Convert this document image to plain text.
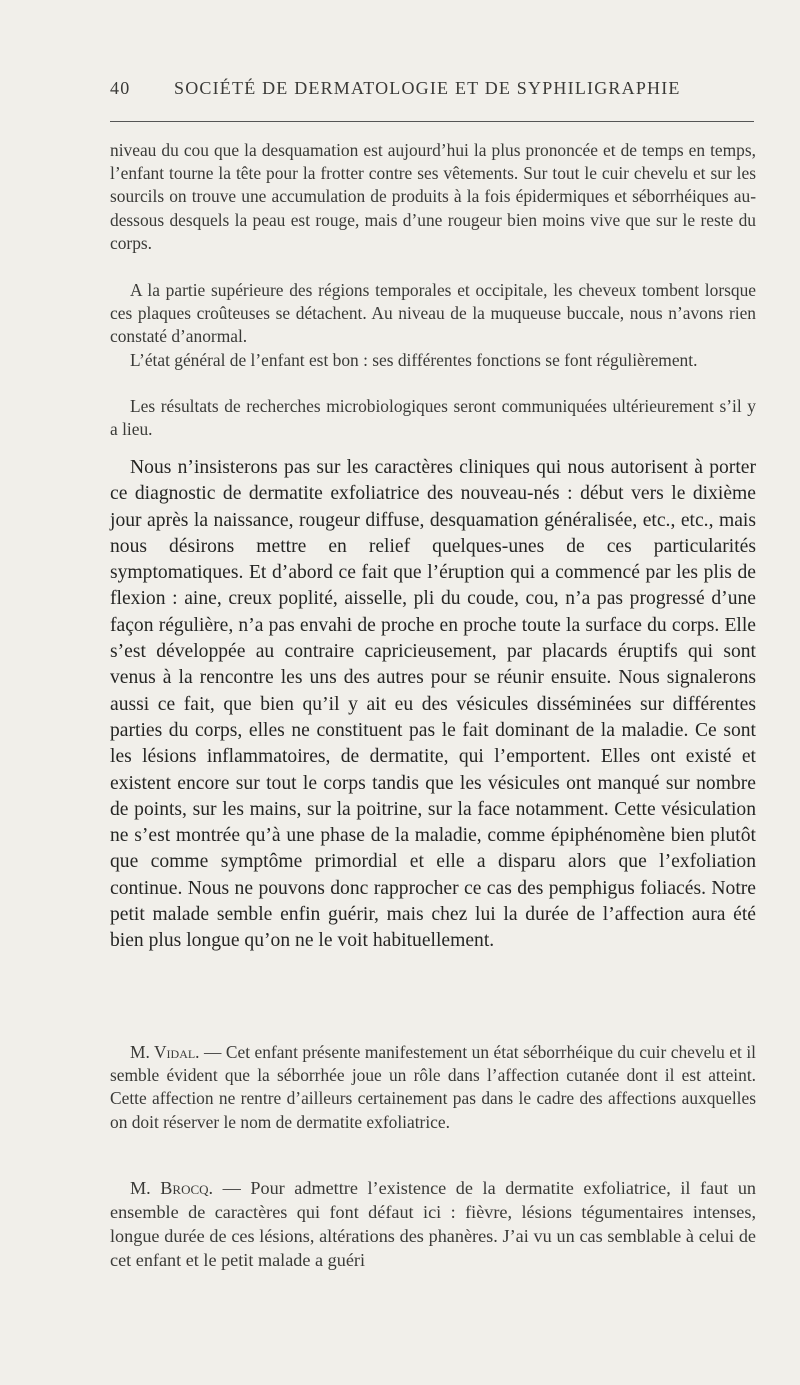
40 SOCIÉTÉ DE DERMATOLOGIE ET DE SYPHILIGRAPHIE

niveau du cou que la desquamation est aujourd’hui la plus prononcée et de temps en temps, l’enfant tourne la tête pour la frotter contre ses vêtements. Sur tout le cuir chevelu et sur les sourcils on trouve une accumulation de produits à la fois épidermiques et séborrhéiques au-dessous desquels la peau est rouge, mais d’une rougeur bien moins vive que sur le reste du corps.

A la partie supérieure des régions temporales et occipitale, les cheveux tombent lorsque ces plaques croûteuses se détachent. Au niveau de la muqueuse buccale, nous n’avons rien constaté d’anormal.

L’état général de l’enfant est bon : ses différentes fonctions se font régulièrement.

Les résultats de recherches microbiologiques seront communiquées ultérieurement s’il y a lieu.

Nous n’insisterons pas sur les caractères cliniques qui nous autorisent à porter ce diagnostic de dermatite exfoliatrice des nouveau-nés : début vers le dixième jour après la naissance, rougeur diffuse, desquamation généralisée, etc., etc., mais nous désirons mettre en relief quelques-unes de ces particularités symptomatiques. Et d’abord ce fait que l’éruption qui a commencé par les plis de flexion : aine, creux poplité, aisselle, pli du coude, cou, n’a pas progressé d’une façon régulière, n’a pas envahi de proche en proche toute la surface du corps. Elle s’est développée au contraire capricieusement, par placards éruptifs qui sont venus à la rencontre les uns des autres pour se réunir ensuite. Nous signalerons aussi ce fait, que bien qu’il y ait eu des vésicules disséminées sur différentes parties du corps, elles ne constituent pas le fait dominant de la maladie. Ce sont les lésions inflammatoires, de dermatite, qui l’emportent. Elles ont existé et existent encore sur tout le corps tandis que les vésicules ont manqué sur nombre de points, sur les mains, sur la poitrine, sur la face notamment. Cette vésiculation ne s’est montrée qu’à une phase de la maladie, comme épiphénomène bien plutôt que comme symptôme primordial et elle a disparu alors que l’exfoliation continue. Nous ne pouvons donc rapprocher ce cas des pemphigus foliacés. Notre petit malade semble enfin guérir, mais chez lui la durée de l’affection aura été bien plus longue qu’on ne le voit habituellement.

M. Vidal. — Cet enfant présente manifestement un état séborrhéique du cuir chevelu et il semble évident que la séborrhée joue un rôle dans l’affection cutanée dont il est atteint. Cette affection ne rentre d’ailleurs certainement pas dans le cadre des affections auxquelles on doit réserver le nom de dermatite exfoliatrice.

M. Brocq. — Pour admettre l’existence de la dermatite exfoliatrice, il faut un ensemble de caractères qui font défaut ici : fièvre, lésions tégumentaires intenses, longue durée de ces lésions, altérations des phanères. J’ai vu un cas semblable à celui de cet enfant et le petit malade a guéri
